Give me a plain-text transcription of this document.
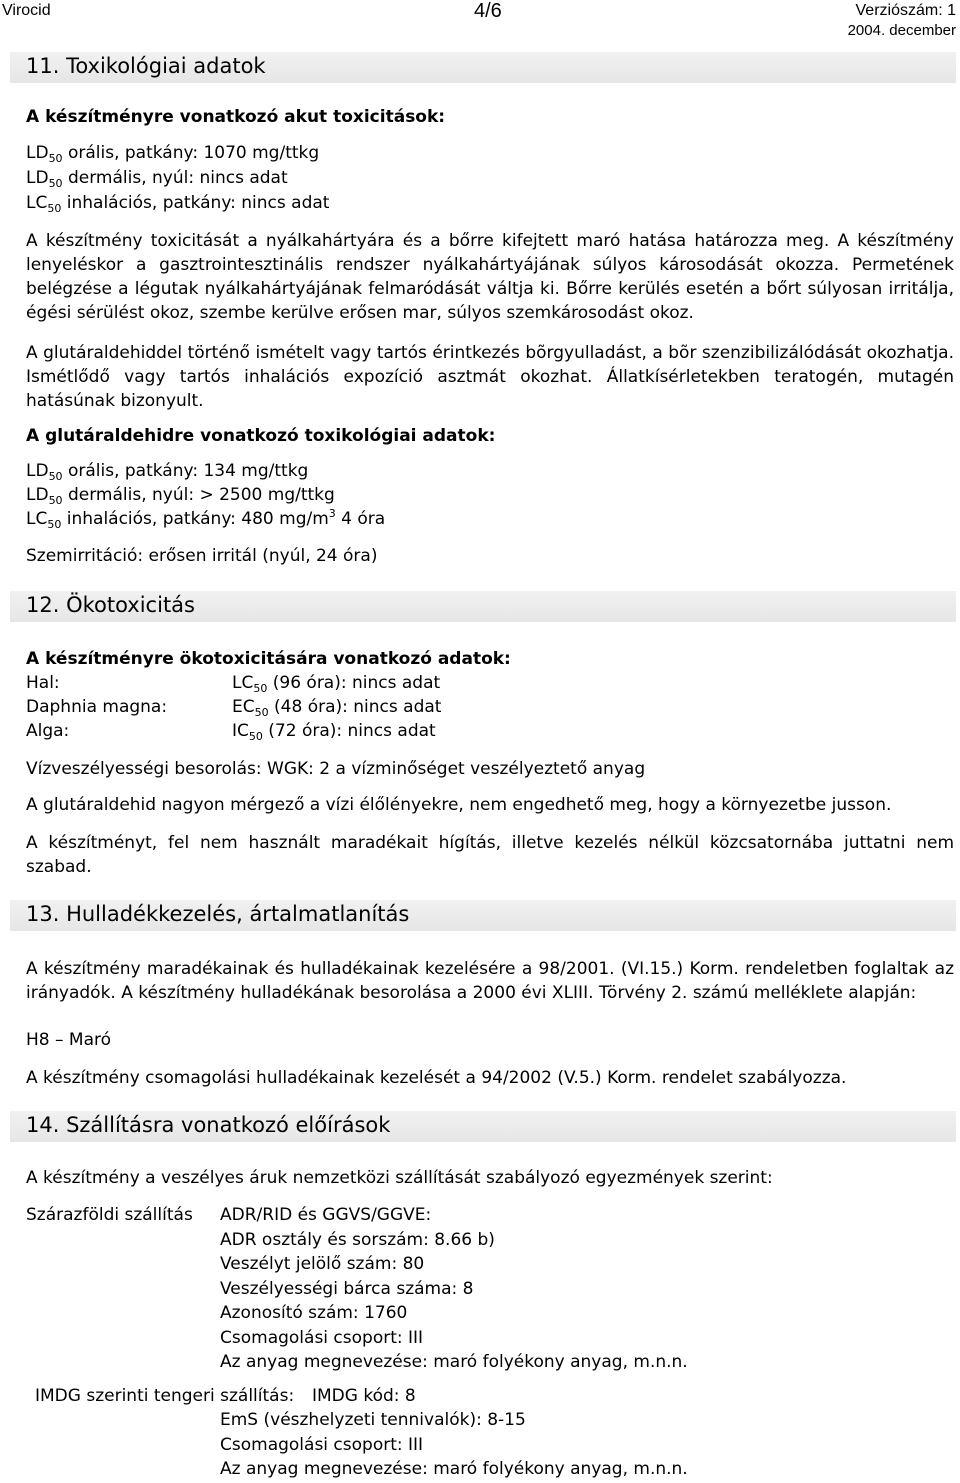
Virocid	4/6	Verziószám: 1
2004. december
11. Toxikológiai adatok
A készítményre vonatkozó akut toxicitások:
$LD_{50}$ orális, patkány: 1070 mg/ttkg
$LD_{50}$ dermális, nyúl: nincs adat
$LC_{50}$ inhalációs, patkány: nincs adat
A készítmény toxicitását a nyálkahártyára és a bőrre kifejtett maró hatása határozza meg. A készítmény lenyeléskor a gasztrointesztinális rendszer nyálkahártyájának súlyos károsodását okozza. Permetének belégzése a légutak nyálkahártyájának felmaródását váltja ki. Bőrre kerülés esetén a bőrt súlyosan irritálja, égési sérülést okoz, szembe kerülve erősen mar, súlyos szemkárosodást okoz.
A glutáraldehiddel történő ismételt vagy tartós érintkezés bõrgyulladást, a bõr szenzibilizálódását okozhatja. Ismétlődő vagy tartós inhalációs expozíció asztmát okozhat. Állatkísérletekben teratogén, mutagén hatásúnak bizonyult.
A glutáraldehidre vonatkozó toxikológiai adatok:
$LD_{50}$ orális, patkány: 134 mg/ttkg
$LD_{50}$ dermális, nyúl: > 2500 mg/ttkg
$LC_{50}$ inhalációs, patkány: 480 $mg/m^3$ 4 óra
Szemirritáció: erősen irritál (nyúl, 24 óra)
12. Ökotoxicitás
A készítményre ökotoxicitására vonatkozó adatok:
Hal:	$LC_{50}$ (96 óra): nincs adat
Daphnia magna:	$EC_{50}$ (48 óra): nincs adat
Alga:	$IC_{50}$ (72 óra): nincs adat
Vízveszélyességi besorolás: WGK: 2 a vízminőséget veszélyeztető anyag
A glutáraldehid nagyon mérgező a vízi élőlényekre, nem engedhető meg, hogy a környezetbe jusson.
A készítményt, fel nem használt maradékait hígítás, illetve kezelés nélkül közcsatornába juttatni nem szabad.
13. Hulladékkezelés, ártalmatlanítás
A készítmény maradékainak és hulladékainak kezelésére a 98/2001. (VI.15.) Korm. rendeletben foglaltak az irányadók. A készítmény hulladékának besorolása a 2000 évi XLIII. Törvény 2. számú melléklete alapján:
H8 – Maró
A készítmény csomagolási hulladékainak kezelését a 94/2002 (V.5.) Korm. rendelet szabályozza.
14. Szállításra vonatkozó előírások
A készítmény a veszélyes áruk nemzetközi szállítását szabályozó egyezmények szerint:
Szárazföldi szállítás ADR/RID és GGVS/GGVE:
ADR osztály és sorszám: 8.66 b)
Veszélyt jelölő szám: 80
Veszélyességi bárca száma: 8
Azonosító szám: 1760
Csomagolási csoport: III
Az anyag megnevezése: maró folyékony anyag, m.n.n.
IMDG szerinti tengeri szállítás: IMDG kód: 8
EmS (vészhelyzeti tennivalók): 8-15
Csomagolási csoport: III
Az anyag megnevezése: maró folyékony anyag, m.n.n.
